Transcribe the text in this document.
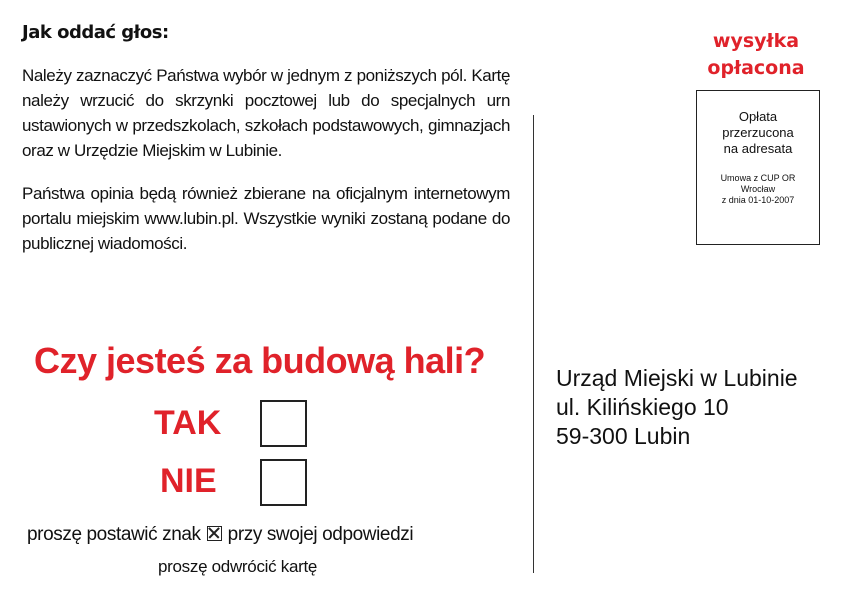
Jak oddać głos:

Należy zaznaczyć Państwa wybór w jednym z poniższych pól. Kartę należy wrzucić do skrzynki pocztowej lub do specjalnych urn ustawionych w przedszkolach, szkołach podstawowych, gimnazjach oraz w Urzędzie Miejskim w Lubinie.

Państwa opinia będą również zbierane na oficjalnym internetowym portalu miejskim www.lubin.pl. Wszystkie wyniki zostaną podane do publicznej wiadomości.

Czy jesteś za budową hali?
TAK
NIE
proszę postawić znak ☒ przy swojej odpowiedzi
proszę odwrócić kartę
wysyłka
opłacona
Opłata
przerzucona
na adresata
Umowa z CUP OR
Wrocław
z dnia 01-10-2007
Urząd Miejski w Lubinie
ul. Kilińskiego 10
59-300 Lubin
